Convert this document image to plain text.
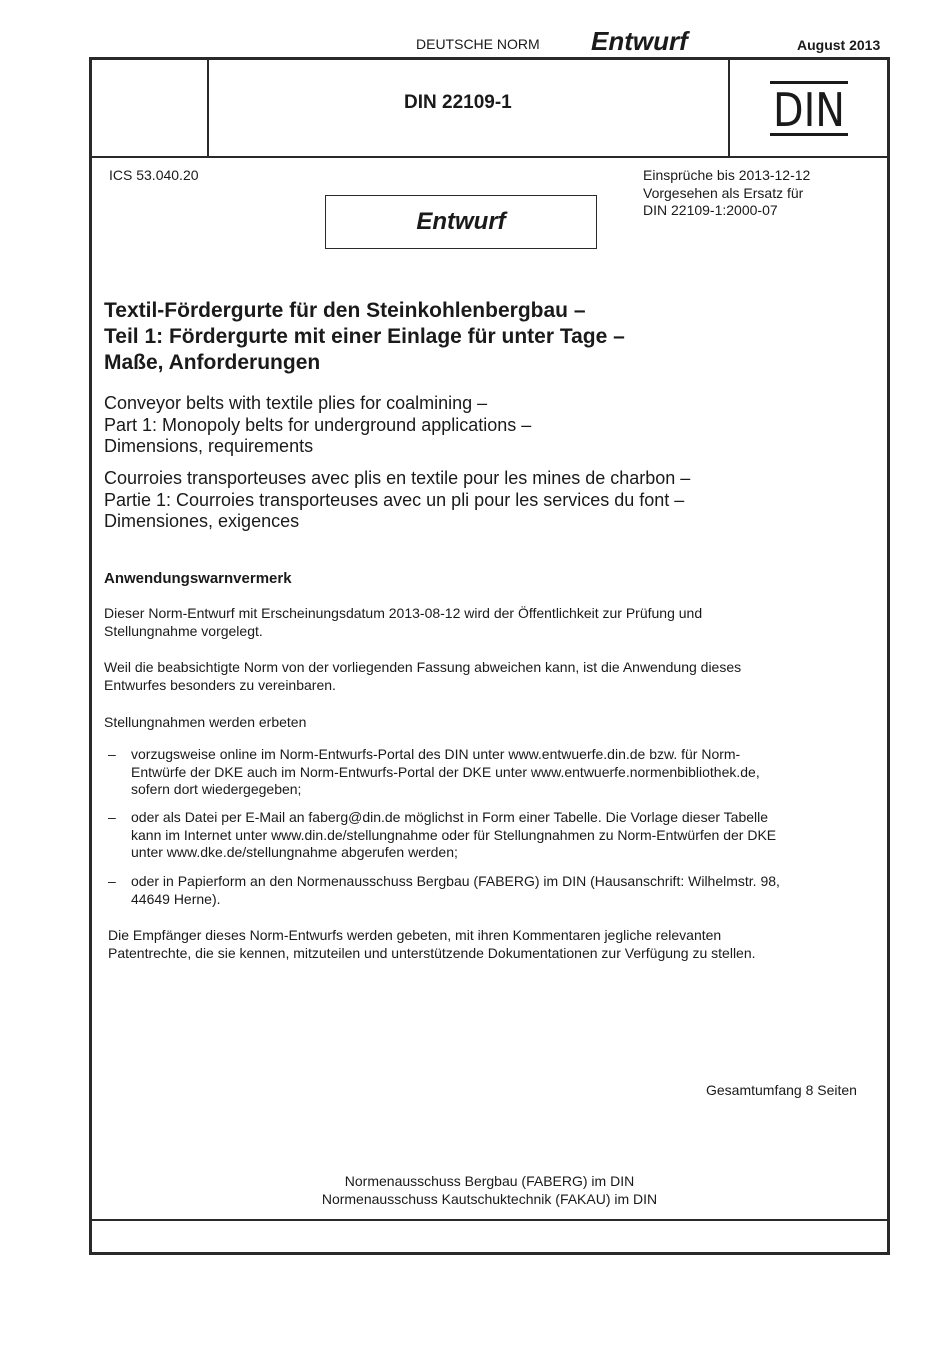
DEUTSCHE NORM Entwurf	August 2013
DIN 22109-1	DIN
ICS 53.040.20	Einsprüche bis 2013-12-12
Vorgesehen als Ersatz für
DIN 22109-1:2000-07
Entwurf
Textil-Fördergurte für den Steinkohlenbergbau –
Teil 1: Fördergurte mit einer Einlage für unter Tage –
Maße, Anforderungen
Conveyor belts with textile plies for coalmining –
Part 1: Monopoly belts for underground applications –
Dimensions, requirements
Courroies transporteuses avec plis en textile pour les mines de charbon –
Partie 1: Courroies transporteuses avec un pli pour les services du font –
Dimensiones, exigences
Anwendungswarnvermerk
Dieser Norm-Entwurf mit Erscheinungsdatum 2013-08-12 wird der Öffentlichkeit zur Prüfung und
Stellungnahme vorgelegt.
Weil die beabsichtigte Norm von der vorliegenden Fassung abweichen kann, ist die Anwendung dieses
Entwurfes besonders zu vereinbaren.
Stellungnahmen werden erbeten
– vorzugsweise online im Norm-Entwurfs-Portal des DIN unter www.entwuerfe.din.de bzw. für Norm-
Entwürfe der DKE auch im Norm-Entwurfs-Portal der DKE unter www.entwuerfe.normenbibliothek.de,
sofern dort wiedergegeben;
– oder als Datei per E-Mail an faberg@din.de möglichst in Form einer Tabelle. Die Vorlage dieser Tabelle
kann im Internet unter www.din.de/stellungnahme oder für Stellungnahmen zu Norm-Entwürfen der DKE
unter www.dke.de/stellungnahme abgerufen werden;
– oder in Papierform an den Normenausschuss Bergbau (FABERG) im DIN (Hausanschrift: Wilhelmstr. 98,
44649 Herne).
Die Empfänger dieses Norm-Entwurfs werden gebeten, mit ihren Kommentaren jegliche relevanten
Patentrechte, die sie kennen, mitzuteilen und unterstützende Dokumentationen zur Verfügung zu stellen.
Gesamtumfang 8 Seiten
Normenausschuss Bergbau (FABERG) im DIN
Normenausschuss Kautschuktechnik (FAKAU) im DIN
